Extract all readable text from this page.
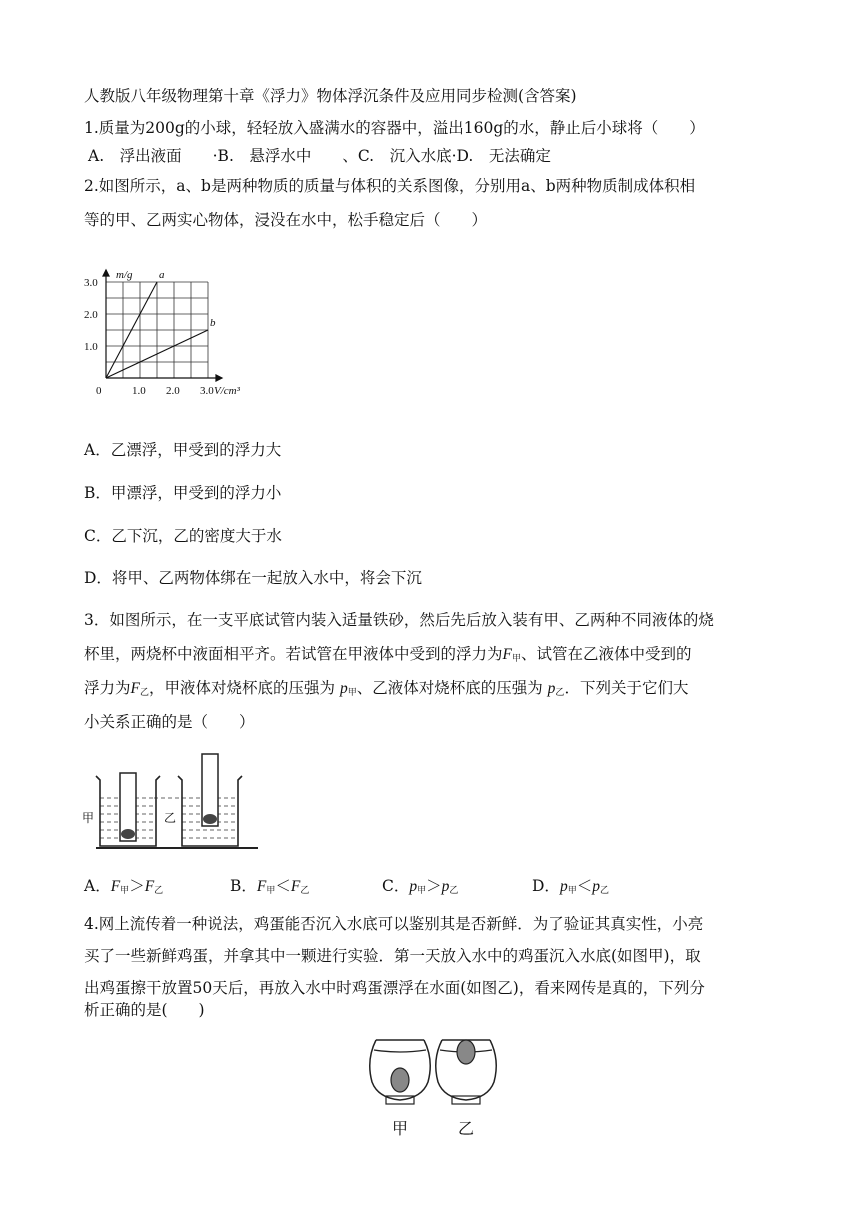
人教版八年级物理第十章《浮力》物体浮沉条件及应用同步检测(含答案)
1.质量为200g的小球，轻轻放入盛满水的容器中，溢出160g的水，静止后小球将（　　）
A.　浮出液面　　·B.　悬浮水中　　、C.　沉入水底·D.　无法确定
2.如图所示，a、b是两种物质的质量与体积的关系图像，分别用a、b两种物质制成体积相
等的甲、乙两实心物体，浸没在水中，松手稳定后（　　）
a
b
0	1.0 2.0 3.0
1.0
2.0
3.0
m/g
V/cm³
A．乙漂浮，甲受到的浮力大
B．甲漂浮，甲受到的浮力小
C．乙下沉，乙的密度大于水
D．将甲、乙两物体绑在一起放入水中，将会下沉
3．如图所示，在一支平底试管内装入适量铁砂，然后先后放入装有甲、乙两种不同液体的烧
杯里，两烧杯中液面相平齐。若试管在甲液体中受到的浮力为$F_甲$、试管在乙液体中受到的
浮力为$F_乙$，甲液体对烧杯底的压强为 $p_甲$、乙液体对烧杯底的压强为 $p_乙$．下列关于它们大
小关系正确的是（　　）
甲	乙
A．$F_甲>F_乙$	B．$F_甲<F_乙$	C．$p_甲>p_乙$	D．$p_甲<p_乙$
4.网上流传着一种说法，鸡蛋能否沉入水底可以鉴别其是否新鲜．为了验证其真实性，小亮
买了一些新鲜鸡蛋，并拿其中一颗进行实验．第一天放入水中的鸡蛋沉入水底(如图甲)，取
出鸡蛋擦干放置50天后，再放入水中时鸡蛋漂浮在水面(如图乙)，看来网传是真的，下列分
析正确的是(　　)
甲	乙
